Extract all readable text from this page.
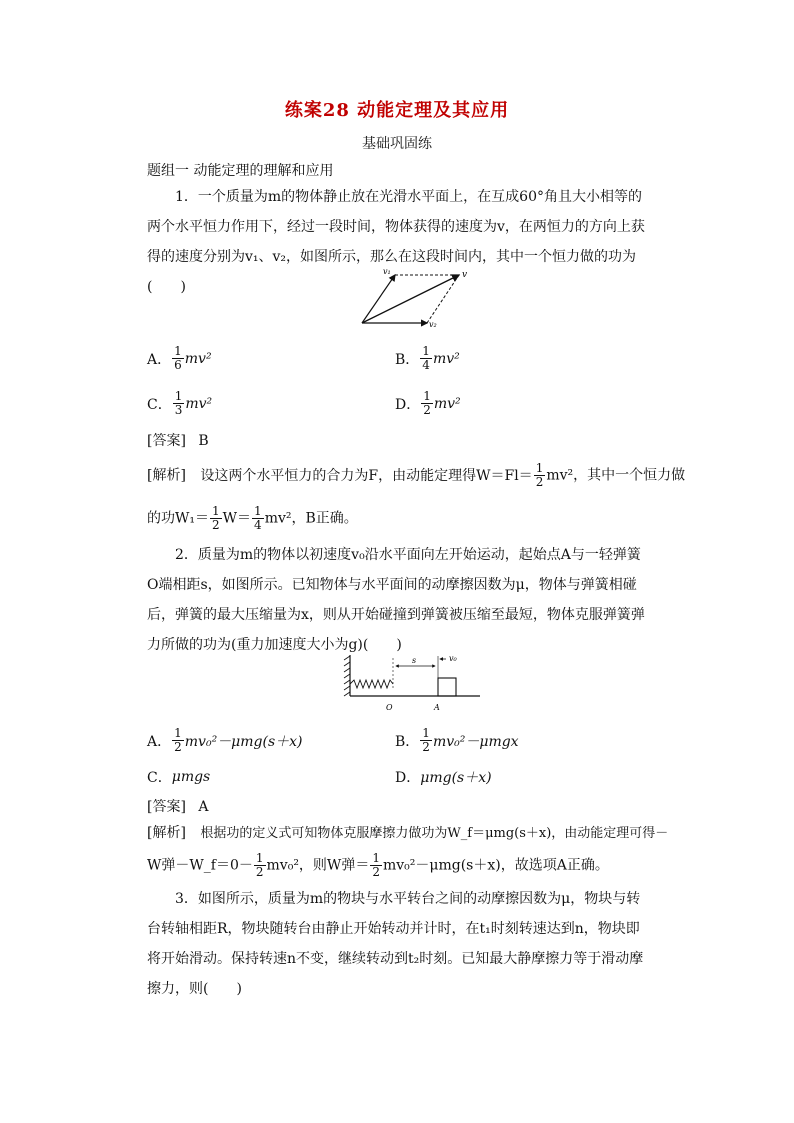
练案28 动能定理及其应用
基础巩固练
题组一 动能定理的理解和应用
1．一个质量为m的物体静止放在光滑水平面上，在互成60°角且大小相等的两个水平恒力作用下，经过一段时间，物体获得的速度为v，在两恒力的方向上获得的速度分别为v₁、v₂，如图所示，那么在这段时间内，其中一个恒力做的功为(　　)
v₁	v
v₂
A． $\frac{1}{6} mv^2$	B． $\frac{1}{4} mv^2$
C． $\frac{1}{3} mv^2$	D． $\frac{1}{2} mv^2$
[答案] B
[解析] 设这两个水平恒力的合力为F，由动能定理得$W=Fl= \frac{1}{2} mv^2$，其中一个恒力做
的功$W_1= \frac{1}{2} W= \frac{1}{4} mv^2$，B正确。
2．质量为m的物体以初速度v₀沿水平面向左开始运动，起始点A与一轻弹簧O端相距s，如图所示。已知物体与水平面间的动摩擦因数为μ，物体与弹簧相碰后，弹簧的最大压缩量为x，则从开始碰撞到弹簧被压缩至最短，物体克服弹簧弹力所做的功为(重力加速度大小为g)(　　)
s	v₀
O	A
A． $\frac{1}{2} mv_0^2-\mu mg(s+x)$	B． $\frac{1}{2} mv_0^2-\mu mgx$
C． μmgs	D． μmg(s＋x)
[答案] A
[解析] 根据功的定义式可知物体克服摩擦力做功为W_f＝μmg(s＋x)，由动能定理可得－
W弹－W_f＝0－ $\frac{1}{2} mv_0^2$，则W弹＝ $\frac{1}{2} mv_0^2-\mu mg(s+x)$，故选项A正确。
3．如图所示，质量为m的物块与水平转台之间的动摩擦因数为μ，物块与转台转轴相距R，物块随转台由静止开始转动并计时，在t₁时刻转速达到n，物块即将开始滑动。保持转速n不变，继续转动到t₂时刻。已知最大静摩擦力等于滑动摩擦力，则(　　)
